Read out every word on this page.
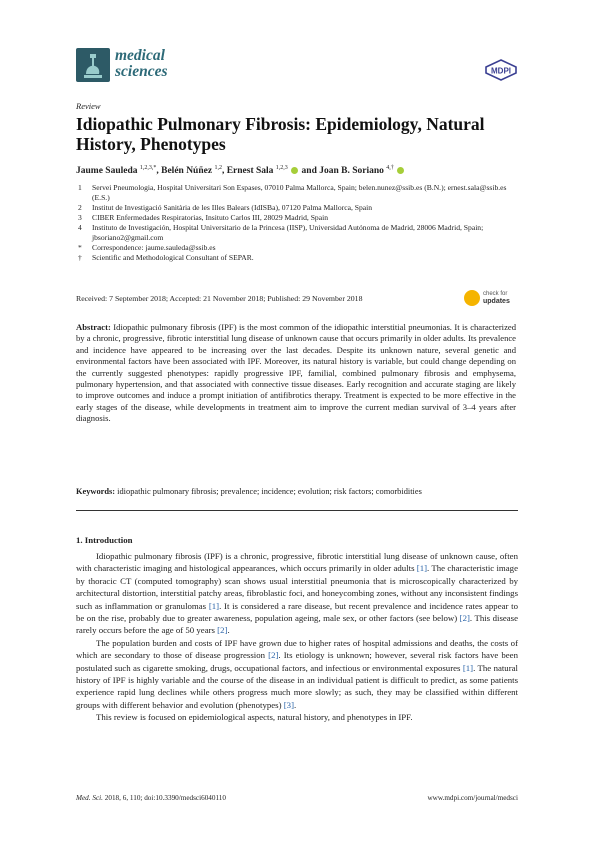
medical
sciences	MDPI
Review
Idiopathic Pulmonary Fibrosis: Epidemiology, Natural History, Phenotypes
Jaume Sauleda $^{1,2,3,*}$, Belén Núñez $^{1,2}$, Ernest Sala $^{1,2,3}$ and Joan B. Soriano $^{4,\dagger}$
1 Servei Pneumologia, Hospital Universitari Son Espases, 07010 Palma Mallorca, Spain; belen.nunez@ssib.es (B.N.); ernest.sala@ssib.es (E.S.)
2 Institut de Investigació Sanitària de les Illes Balears (IdISBa), 07120 Palma Mallorca, Spain
3 CIBER Enfermedades Respiratorias, Insituto Carlos III, 28029 Madrid, Spain
4 Instituto de Investigación, Hospital Universitario de la Princesa (IISP), Universidad Autónoma de Madrid, 28006 Madrid, Spain; jbsoriano2@gmail.com
* Correspondence: jaume.sauleda@ssib.es
† Scientific and Methodological Consultant of SEPAR.
Received: 7 September 2018; Accepted: 21 November 2018; Published: 29 November 2018	check for
updates
Abstract: Idiopathic pulmonary fibrosis (IPF) is the most common of the idiopathic interstitial pneumonias. It is characterized by a chronic, progressive, fibrotic interstitial lung disease of unknown cause that occurs primarily in older adults. Its prevalence and incidence have appeared to be increasing over the last decades. Despite its unknown nature, several genetic and environmental factors have been associated with IPF. Moreover, its natural history is variable, but could change depending on the currently suggested phenotypes: rapidly progressive IPF, familial, combined pulmonary fibrosis and emphysema, pulmonary hypertension, and that associated with connective tissue diseases. Early recognition and accurate staging are likely to improve outcomes and induce a prompt initiation of antifibrotics therapy. Treatment is expected to be more effective in the early stages of the disease, while developments in treatment aim to improve the current median survival of 3–4 years after diagnosis.
Keywords: idiopathic pulmonary fibrosis; prevalence; incidence; evolution; risk factors; comorbidities
1. Introduction

Idiopathic pulmonary fibrosis (IPF) is a chronic, progressive, fibrotic interstitial lung disease of unknown cause, often with characteristic imaging and histological appearances, which occurs primarily in older adults [1]. The characteristic image by thoracic CT (computed tomography) scan shows usual interstitial pneumonia that is microscopically characterized by architectural distortion, interstitial patchy areas, fibroblastic foci, and honeycombing zones, without any inconsistent findings such as inflammation or granulomas [1]. It is considered a rare disease, but recent prevalence and incidence rates appear to be on the rise, probably due to greater awareness, population ageing, male sex, or other factors (see below) [2]. This disease rarely occurs before the age of 50 years [2].

The population burden and costs of IPF have grown due to higher rates of hospital admissions and deaths, the costs of which are secondary to those of disease progression [2]. Its etiology is unknown; however, several risk factors have been postulated such as cigarette smoking, drugs, occupational factors, and infectious or environmental exposures [1]. The natural history of IPF is highly variable and the course of the disease in an individual patient is difficult to predict, as some patients experience rapid lung declines while others progress much more slowly; as such, they may be classified within different groups with different behavior and evolution (phenotypes) [3].

This review is focused on epidemiological aspects, natural history, and phenotypes in IPF.

Med. Sci. 2018, 6, 110; doi:10.3390/medsci6040110	www.mdpi.com/journal/medsci
